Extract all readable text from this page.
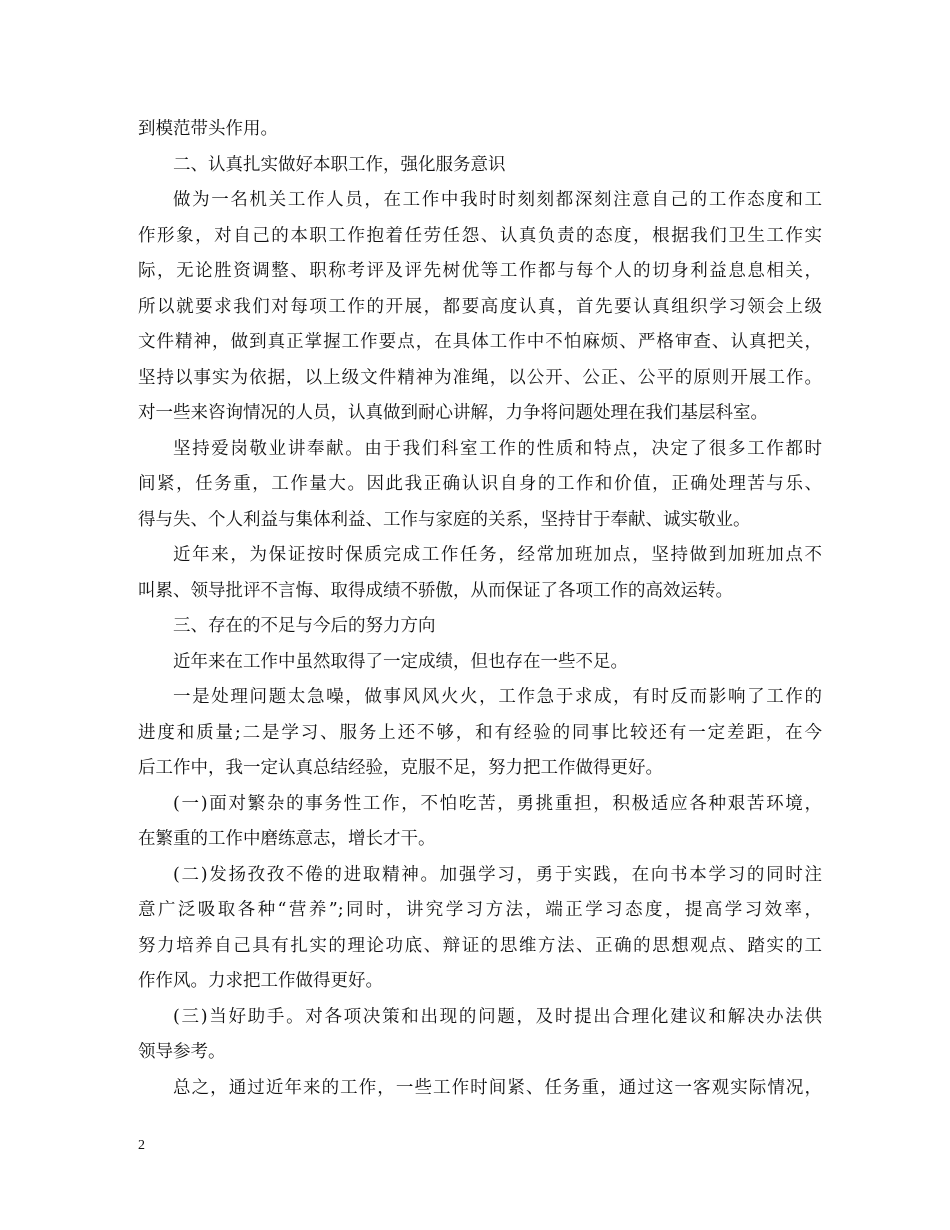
到模范带头作用。
二、认真扎实做好本职工作，强化服务意识
做为一名机关工作人员，在工作中我时时刻刻都深刻注意自己的工作态度和工
作形象，对自己的本职工作抱着任劳任怨、认真负责的态度，根据我们卫生工作实
际，无论胜资调整、职称考评及评先树优等工作都与每个人的切身利益息息相关，
所以就要求我们对每项工作的开展，都要高度认真，首先要认真组织学习领会上级
文件精神，做到真正掌握工作要点，在具体工作中不怕麻烦、严格审查、认真把关，
坚持以事实为依据，以上级文件精神为准绳，以公开、公正、公平的原则开展工作。
对一些来咨询情况的人员，认真做到耐心讲解，力争将问题处理在我们基层科室。
坚持爱岗敬业讲奉献。由于我们科室工作的性质和特点，决定了很多工作都时
间紧，任务重，工作量大。因此我正确认识自身的工作和价值，正确处理苦与乐、
得与失、个人利益与集体利益、工作与家庭的关系，坚持甘于奉献、诚实敬业。
近年来，为保证按时保质完成工作任务，经常加班加点，坚持做到加班加点不
叫累、领导批评不言悔、取得成绩不骄傲，从而保证了各项工作的高效运转。
三、存在的不足与今后的努力方向
近年来在工作中虽然取得了一定成绩，但也存在一些不足。
一是处理问题太急噪，做事风风火火，工作急于求成，有时反而影响了工作的
进度和质量;二是学习、服务上还不够，和有经验的同事比较还有一定差距，在今
后工作中，我一定认真总结经验，克服不足，努力把工作做得更好。
(一)面对繁杂的事务性工作，不怕吃苦，勇挑重担，积极适应各种艰苦环境，
在繁重的工作中磨练意志，增长才干。
(二)发扬孜孜不倦的进取精神。加强学习，勇于实践，在向书本学习的同时注
意广泛吸取各种“营养”;同时，讲究学习方法，端正学习态度，提高学习效率，
努力培养自己具有扎实的理论功底、辩证的思维方法、正确的思想观点、踏实的工
作作风。力求把工作做得更好。
(三)当好助手。对各项决策和出现的问题，及时提出合理化建议和解决办法供
领导参考。
总之，通过近年来的工作，一些工作时间紧、任务重，通过这一客观实际情况，
2
